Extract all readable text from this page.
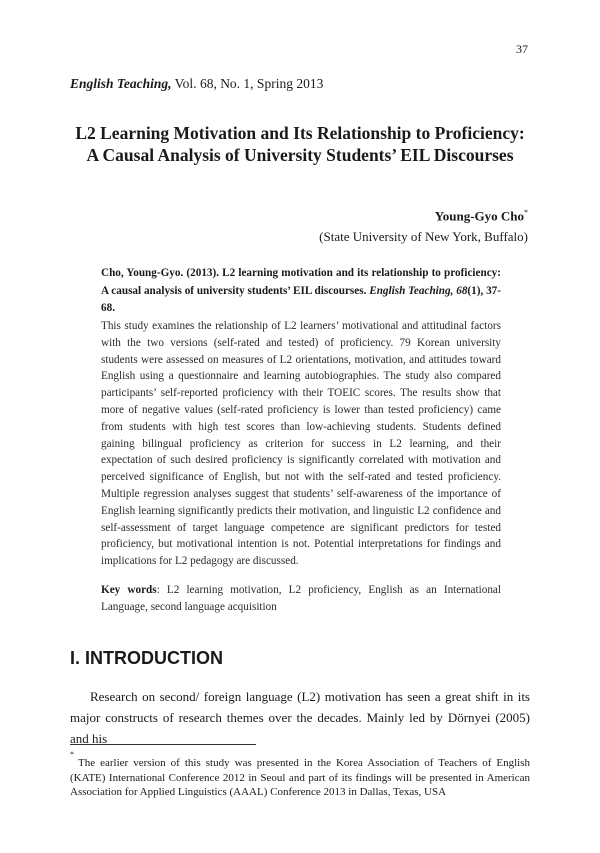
37
English Teaching, Vol. 68, No. 1, Spring 2013
L2 Learning Motivation and Its Relationship to Proficiency:
A Causal Analysis of University Students’ EIL Discourses
Young-Gyo Cho*
(State University of New York, Buffalo)
Cho, Young-Gyo. (2013). L2 learning motivation and its relationship to proficiency: A causal analysis of university students’ EIL discourses. English Teaching, 68(1), 37-68.
This study examines the relationship of L2 learners’ motivational and attitudinal factors with the two versions (self-rated and tested) of proficiency. 79 Korean university students were assessed on measures of L2 orientations, motivation, and attitudes toward English using a questionnaire and learning autobiographies. The study also compared participants’ self-reported proficiency with their TOEIC scores. The results show that more of negative values (self-rated proficiency is lower than tested proficiency) came from students with high test scores than low-achieving students. Students defined gaining bilingual proficiency as criterion for success in L2 learning, and their expectation of such desired proficiency is significantly correlated with motivation and perceived significance of English, but not with the self-rated and tested proficiency. Multiple regression analyses suggest that students’ self-awareness of the importance of English learning significantly predicts their motivation, and linguistic L2 confidence and self-assessment of target language competence are significant predictors for tested proficiency, but motivational intention is not. Potential interpretations for findings and implications for L2 pedagogy are discussed.
Key words: L2 learning motivation, L2 proficiency, English as an International Language, second language acquisition
I. INTRODUCTION

Research on second/ foreign language (L2) motivation has seen a great shift in its major constructs of research themes over the decades. Mainly led by Dörnyei (2005) and his

*
The earlier version of this study was presented in the Korea Association of Teachers of English (KATE) International Conference 2012 in Seoul and part of its findings will be presented in American Association for Applied Linguistics (AAAL) Conference 2013 in Dallas, Texas, USA
